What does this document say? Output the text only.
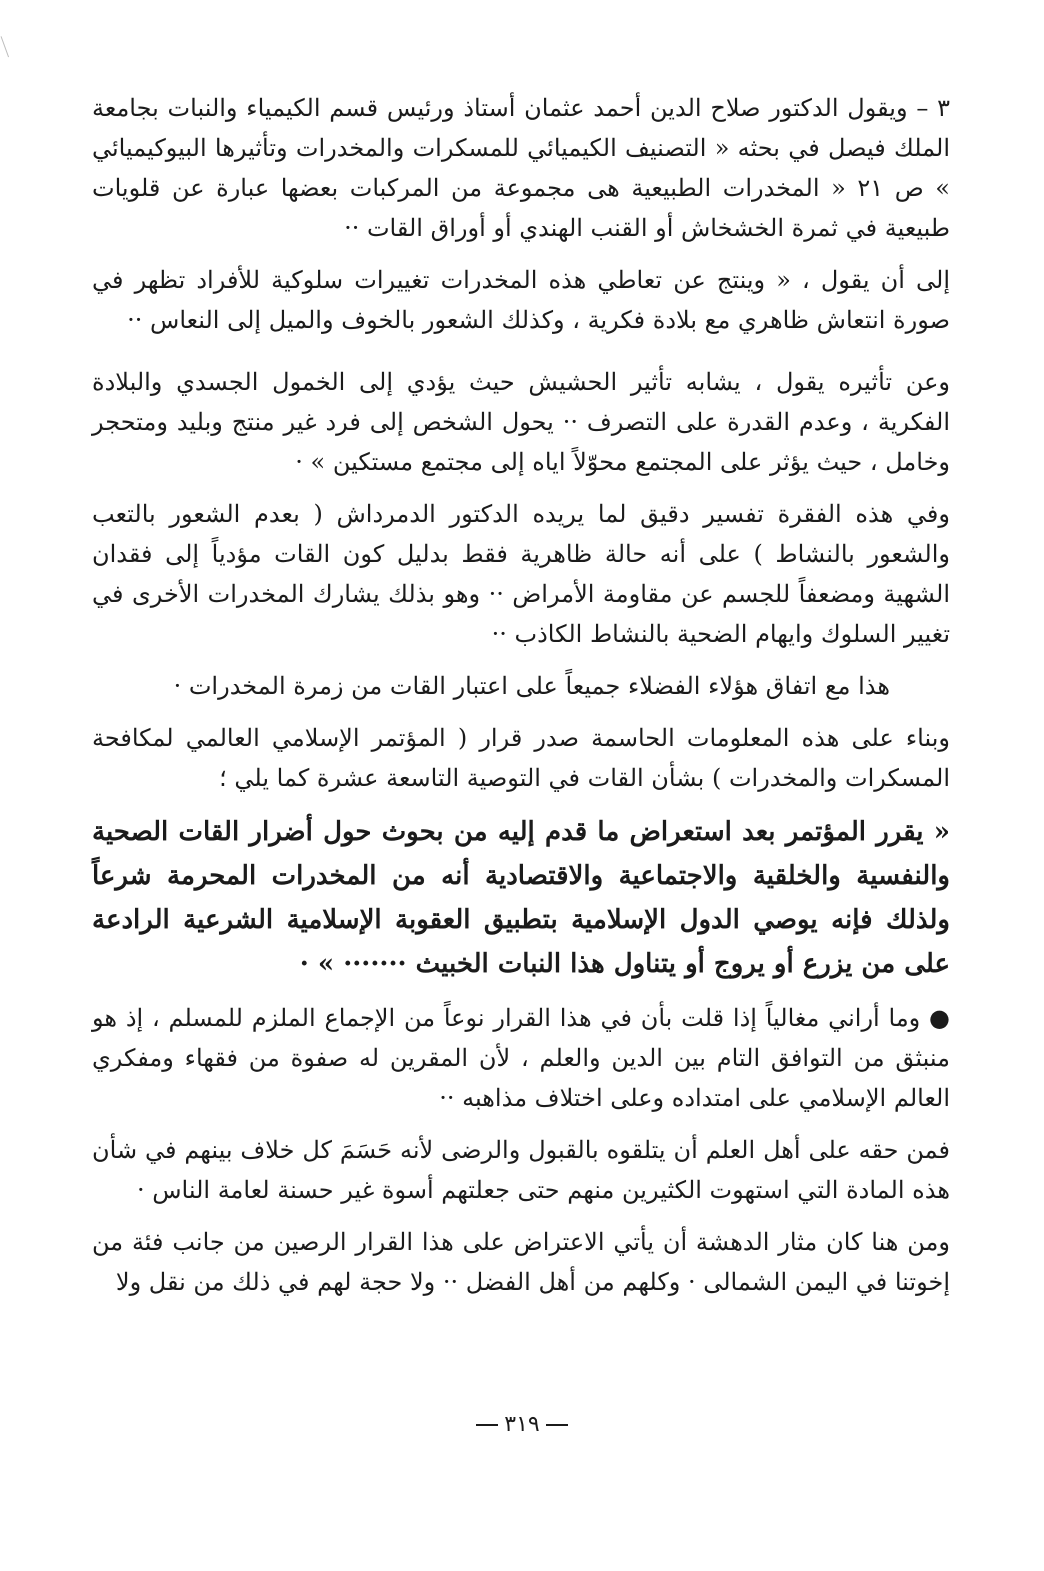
٣ – ويقول الدكتور صلاح الدين أحمد عثمان أستاذ ورئيس قسم الكيمياء والنبات بجامعة الملك فيصل في بحثه « التصنيف الكيميائي للمسكرات والمخدرات وتأثيرها البيوكيميائي » ص ٢١ « المخدرات الطبيعية هى مجموعة من المركبات بعضها عبارة عن قلويات طبيعية في ثمرة الخشخاش أو القنب الهندي أو أوراق القات ··

إلى أن يقول ، « وينتج عن تعاطي هذه المخدرات تغييرات سلوكية للأفراد تظهر في صورة انتعاش ظاهري مع بلادة فكرية ، وكذلك الشعور بالخوف والميل إلى النعاس ··

وعن تأثيره يقول ، يشابه تأثير الحشيش حيث يؤدي إلى الخمول الجسدي والبلادة الفكرية ، وعدم القدرة على التصرف ·· يحول الشخص إلى فرد غير منتج وبليد ومتحجر وخامل ، حيث يؤثر على المجتمع محوّلاً اياه إلى مجتمع مستكين » ·

وفي هذه الفقرة تفسير دقيق لما يريده الدكتور الدمرداش ( بعدم الشعور بالتعب والشعور بالنشاط ) على أنه حالة ظاهرية فقط بدليل كون القات مؤدياً إلى فقدان الشهية ومضعفاً للجسم عن مقاومة الأمراض ·· وهو بذلك يشارك المخدرات الأخرى في تغيير السلوك وايهام الضحية بالنشاط الكاذب ··

هذا مع اتفاق هؤلاء الفضلاء جميعاً على اعتبار القات من زمرة المخدرات ·

وبناء على هذه المعلومات الحاسمة صدر قرار ( المؤتمر الإسلامي العالمي لمكافحة المسكرات والمخدرات ) بشأن القات في التوصية التاسعة عشرة كما يلي ؛

« يقرر المؤتمر بعد استعراض ما قدم إليه من بحوث حول أضرار القات الصحية والنفسية والخلقية والاجتماعية والاقتصادية أنه من المخدرات المحرمة شرعاً ولذلك فإنه يوصي الدول الإسلامية بتطبيق العقوبة الإسلامية الشرعية الرادعة على من يزرع أو يروج أو يتناول هذا النبات الخبيث ······· » ·

● وما أراني مغالياً إذا قلت بأن في هذا القرار نوعاً من الإجماع الملزم للمسلم ، إذ هو منبثق من التوافق التام بين الدين والعلم ، لأن المقرين له صفوة من فقهاء ومفكري العالم الإسلامي على امتداده وعلى اختلاف مذاهبه ··

فمن حقه على أهل العلم أن يتلقوه بالقبول والرضى لأنه حَسَمَ كل خلاف بينهم في شأن هذه المادة التي استهوت الكثيرين منهم حتى جعلتهم أسوة غير حسنة لعامة الناس ·

ومن هنا كان مثار الدهشة أن يأتي الاعتراض على هذا القرار الرصين من جانب فئة من إخوتنا في اليمن الشمالى · وكلهم من أهل الفضل ·· ولا حجة لهم في ذلك من نقل ولا

٣١٩
